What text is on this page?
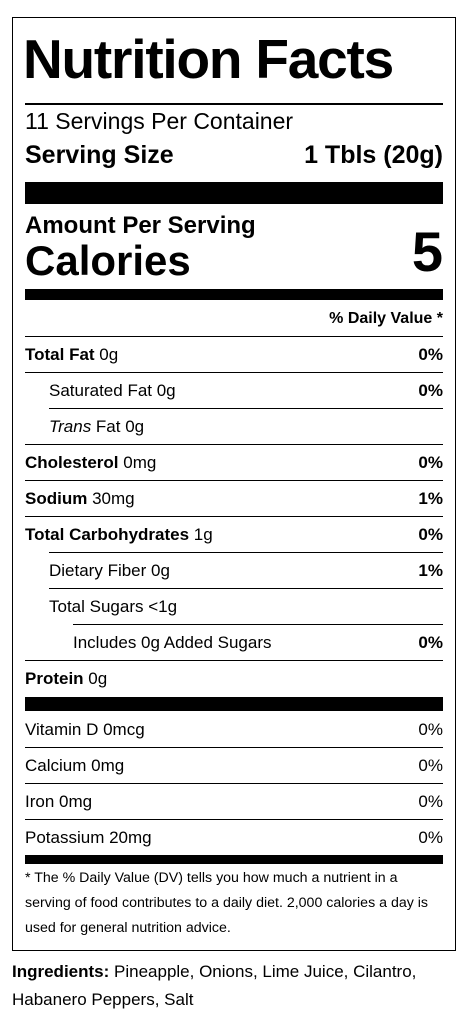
Nutrition Facts
11 Servings Per Container
Serving Size	1 Tbls (20g)
Amount Per Serving
Calories	5
% Daily Value *
Total Fat 0g	0%
Saturated Fat 0g	0%
Trans Fat 0g
Cholesterol 0mg	0%
Sodium 30mg	1%
Total Carbohydrates 1g	0%
Dietary Fiber 0g	1%
Total Sugars <1g
Includes 0g Added Sugars	0%
Protein 0g
Vitamin D 0mcg	0%
Calcium 0mg	0%
Iron 0mg	0%
Potassium 20mg	0%
* The % Daily Value (DV) tells you how much a nutrient in a serving of food contributes to a daily diet. 2,000 calories a day is used for general nutrition advice.
Ingredients: Pineapple, Onions, Lime Juice, Cilantro, Habanero Peppers, Salt
